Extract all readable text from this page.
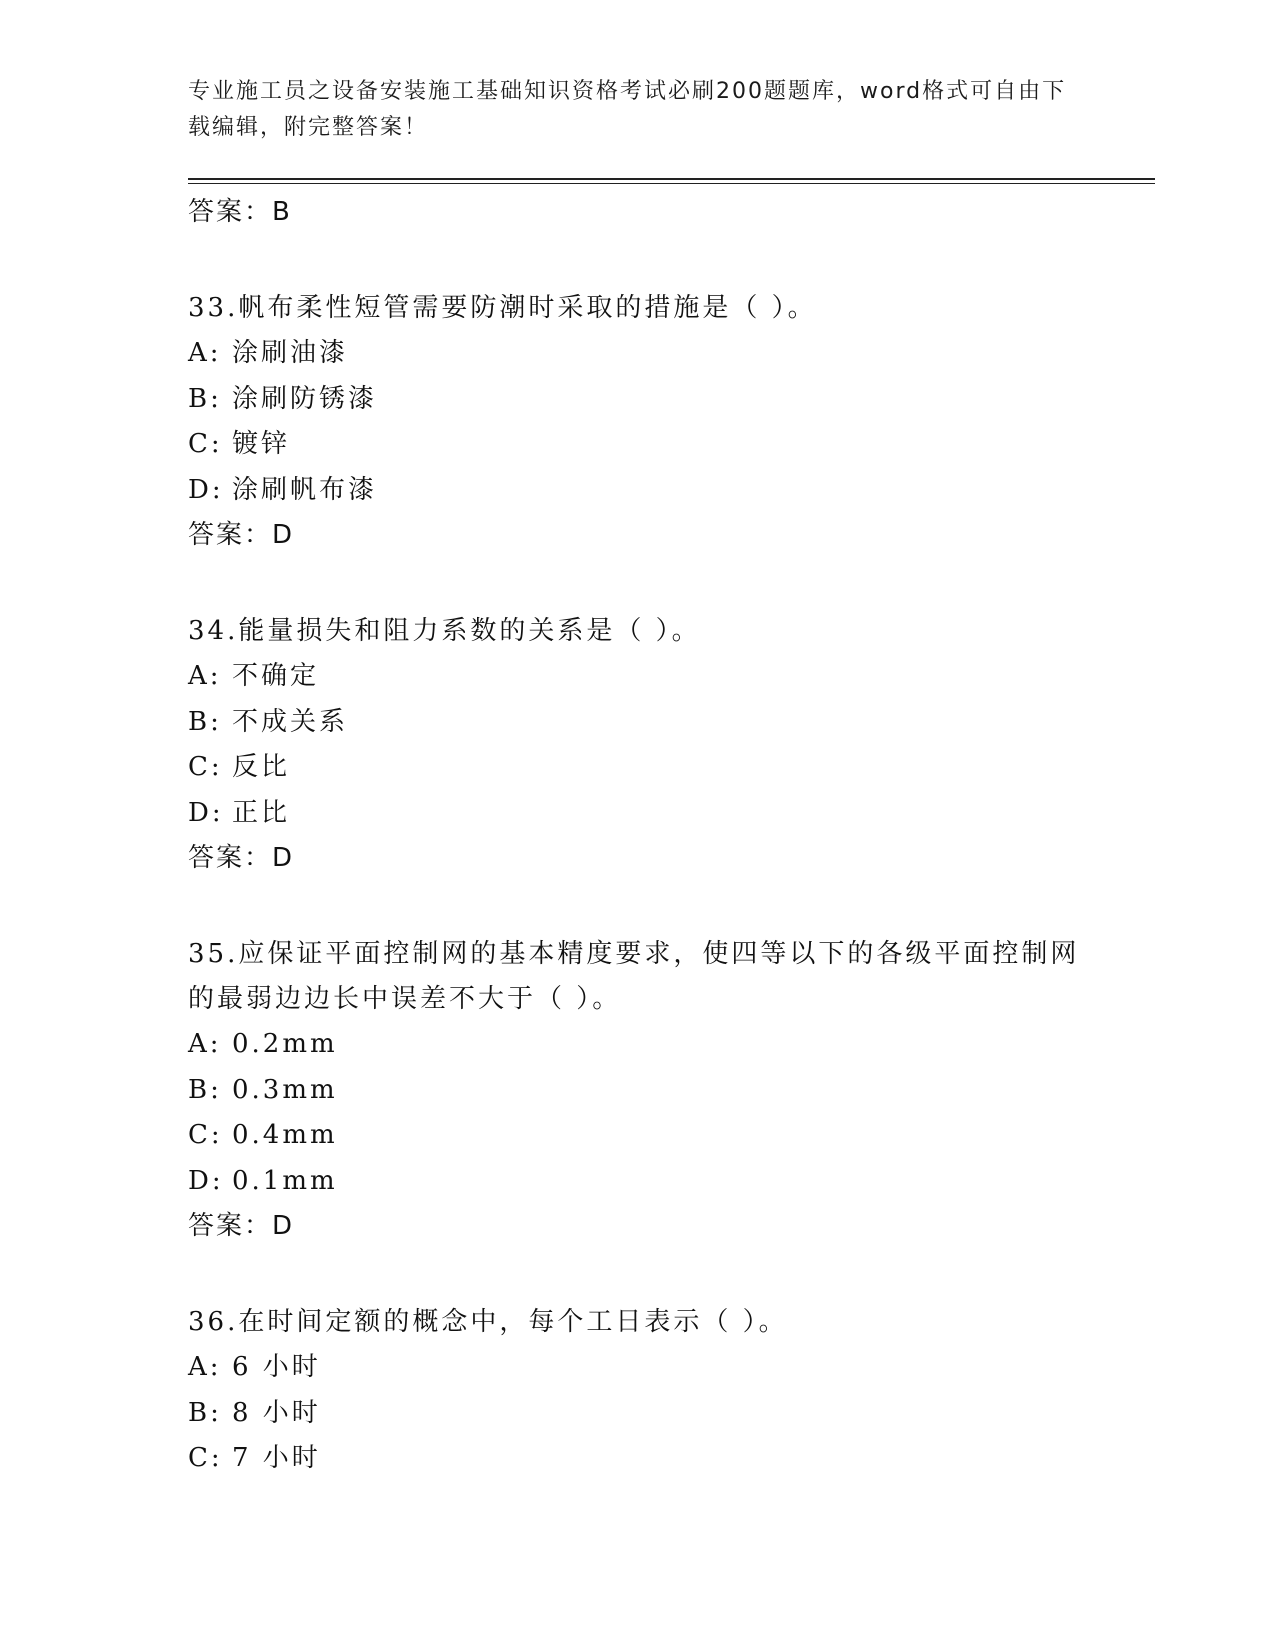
专业施工员之设备安装施工基础知识资格考试必刷200题题库，word格式可自由下载编辑，附完整答案！
答案：B
33.帆布柔性短管需要防潮时采取的措施是（ ）。
A: 涂刷油漆
B: 涂刷防锈漆
C: 镀锌
D: 涂刷帆布漆
答案：D
34.能量损失和阻力系数的关系是（ ）。
A: 不确定
B: 不成关系
C: 反比
D: 正比
答案：D
35.应保证平面控制网的基本精度要求，使四等以下的各级平面控制网的最弱边边长中误差不大于（ ）。
A: 0.2mm
B: 0.3mm
C: 0.4mm
D: 0.1mm
答案：D
36.在时间定额的概念中，每个工日表示（ ）。
A: 6 小时
B: 8 小时
C: 7 小时
